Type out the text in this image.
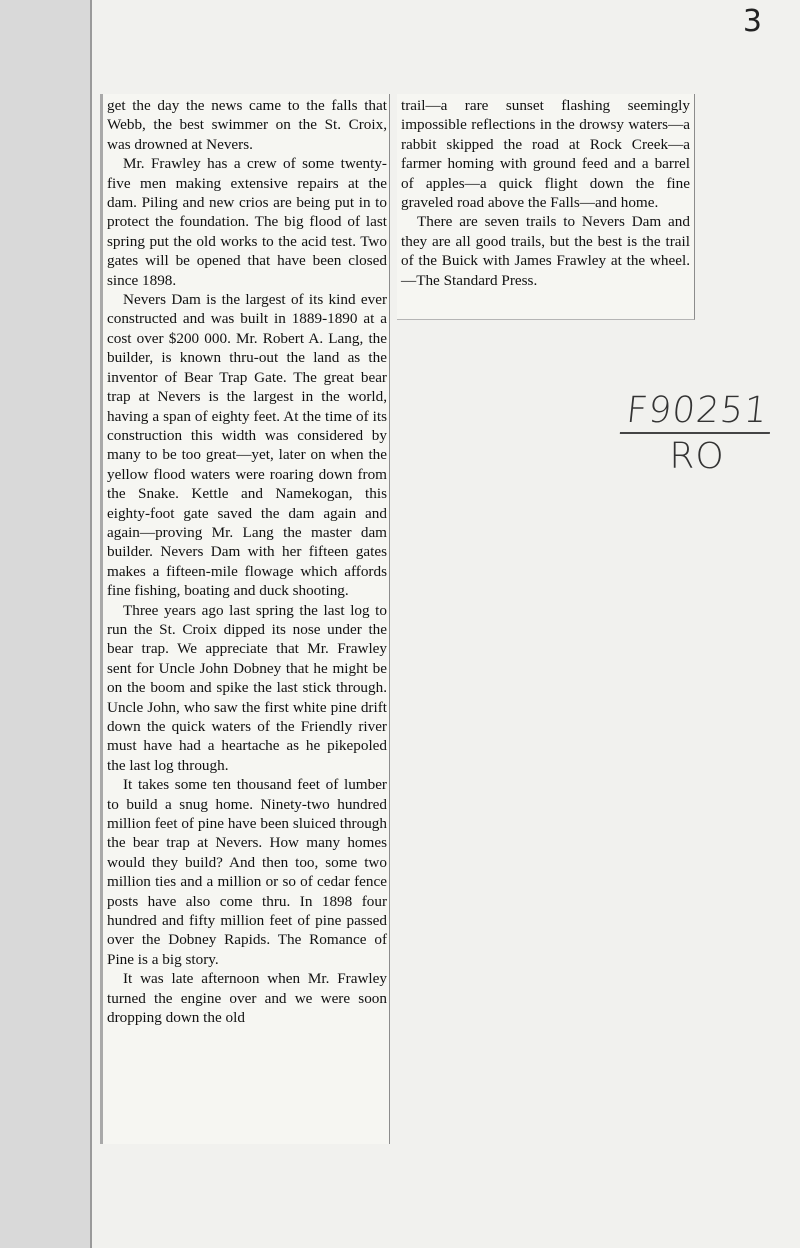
3

get the day the news came to the falls that Webb, the best swimmer on the St. Croix, was drowned at Nevers.

Mr. Frawley has a crew of some twenty-five men making extensive repairs at the dam. Piling and new crios are being put in to protect the foundation. The big flood of last spring put the old works to the acid test. Two gates will be opened that have been closed since 1898.

Nevers Dam is the largest of its kind ever constructed and was built in 1889-1890 at a cost over $200 000. Mr. Robert A. Lang, the builder, is known thru-out the land as the inventor of Bear Trap Gate. The great bear trap at Nevers is the largest in the world, having a span of eighty feet. At the time of its construction this width was considered by many to be too great—yet, later on when the yellow flood waters were roaring down from the Snake. Kettle and Namekogan, this eighty-foot gate saved the dam again and again—proving Mr. Lang the master dam builder. Nevers Dam with her fifteen gates makes a fifteen-mile flowage which affords fine fishing, boating and duck shooting.

Three years ago last spring the last log to run the St. Croix dipped its nose under the bear trap. We appreciate that Mr. Frawley sent for Uncle John Dobney that he might be on the boom and spike the last stick through. Uncle John, who saw the first white pine drift down the quick waters of the Friendly river must have had a heartache as he pikepoled the last log through.

It takes some ten thousand feet of lumber to build a snug home. Ninety-two hundred million feet of pine have been sluiced through the bear trap at Nevers. How many homes would they build? And then too, some two million ties and a million or so of cedar fence posts have also come thru. In 1898 four hundred and fifty million feet of pine passed over the Dobney Rapids. The Romance of Pine is a big story.

It was late afternoon when Mr. Frawley turned the engine over and we were soon dropping down the old

trail—a rare sunset flashing seemingly impossible reflections in the drowsy waters—a rabbit skipped the road at Rock Creek—a farmer homing with ground feed and a barrel of apples—a quick flight down the fine graveled road above the Falls—and home.

There are seven trails to Nevers Dam and they are all good trails, but the best is the trail of the Buick with James Frawley at the wheel.—The Standard Press.

F90251
RO
